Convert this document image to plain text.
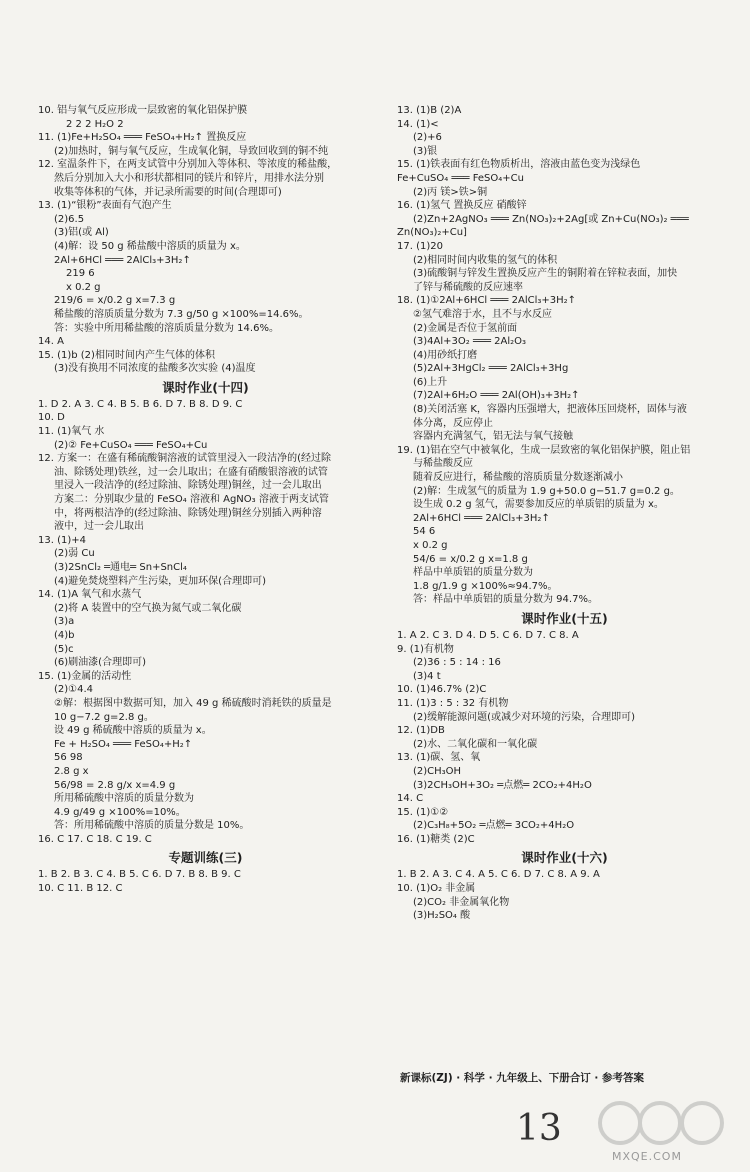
10. 铝与氧气反应形成一层致密的氧化铝保护膜
2 2 2 H₂O 2
11. (1)Fe+H₂SO₄ ═══ FeSO₄+H₂↑ 置换反应
(2)加热时，铜与氧气反应，生成氧化铜，导致回收到的铜不纯
12. 室温条件下，在两支试管中分别加入等体积、等浓度的稀盐酸，
然后分别加入大小和形状都相同的镁片和锌片，用排水法分别
收集等体积的气体，并记录所需要的时间(合理即可)
13. (1)“银粉”表面有气泡产生
(2)6.5
(3)铝(或 Al)
(4)解：设 50 g 稀盐酸中溶质的质量为 x。
2Al+6HCl ═══ 2AlCl₃+3H₂↑
219 6
x 0.2 g
219/6 = x/0.2 g x=7.3 g
稀盐酸的溶质质量分数为 7.3 g/50 g ×100%=14.6%。
答：实验中所用稀盐酸的溶质质量分数为 14.6%。
14. A
15. (1)b (2)相同时间内产生气体的体积
(3)没有换用不同浓度的盐酸多次实验 (4)温度
课时作业(十四)
1. D 2. A 3. C 4. B 5. B 6. D 7. B 8. D 9. C
10. D
11. (1)氧气 水
(2)② Fe+CuSO₄ ═══ FeSO₄+Cu
12. 方案一：在盛有稀硫酸铜溶液的试管里浸入一段洁净的(经过除
油、除锈处理)铁丝，过一会儿取出；在盛有硝酸银溶液的试管
里浸入一段洁净的(经过除油、除锈处理)铜丝，过一会儿取出
方案二：分别取少量的 FeSO₄ 溶液和 AgNO₃ 溶液于两支试管
中，将两根洁净的(经过除油、除锈处理)铜丝分别插入两种溶
液中，过一会儿取出
13. (1)+4
(2)弱 Cu
(3)2SnCl₂ ═通电═ Sn+SnCl₄
(4)避免焚烧塑料产生污染，更加环保(合理即可)
14. (1)A 氧气和水蒸气
(2)将 A 装置中的空气换为氮气或二氧化碳
(3)a
(4)b
(5)c
(6)刷油漆(合理即可)
15. (1)金属的活动性
(2)①4.4
②解：根据图中数据可知，加入 49 g 稀硫酸时消耗铁的质量是
10 g−7.2 g=2.8 g。
设 49 g 稀硫酸中溶质的质量为 x。
Fe + H₂SO₄ ═══ FeSO₄+H₂↑
56 98
2.8 g x
56/98 = 2.8 g/x x=4.9 g
所用稀硫酸中溶质的质量分数为
4.9 g/49 g ×100%=10%。
答：所用稀硫酸中溶质的质量分数是 10%。
16. C 17. C 18. C 19. C
专题训练(三)
1. B 2. B 3. C 4. B 5. C 6. D 7. B 8. B 9. C
10. C 11. B 12. C
13. (1)B (2)A
14. (1)<
(2)+6
(3)银
15. (1)铁表面有红色物质析出，溶液由蓝色变为浅绿色
Fe+CuSO₄ ═══ FeSO₄+Cu
(2)丙 镁>铁>铜
16. (1)氢气 置换反应 硝酸锌
(2)Zn+2AgNO₃ ═══ Zn(NO₃)₂+2Ag[或 Zn+Cu(NO₃)₂ ═══
Zn(NO₃)₂+Cu]
17. (1)20
(2)相同时间内收集的氢气的体积
(3)硫酸铜与锌发生置换反应产生的铜附着在锌粒表面，加快
了锌与稀硫酸的反应速率
18. (1)①2Al+6HCl ═══ 2AlCl₃+3H₂↑
②氢气难溶于水，且不与水反应
(2)金属是否位于氢前面
(3)4Al+3O₂ ═══ 2Al₂O₃
(4)用砂纸打磨
(5)2Al+3HgCl₂ ═══ 2AlCl₃+3Hg
(6)上升
(7)2Al+6H₂O ═══ 2Al(OH)₃+3H₂↑
(8)关闭活塞 K，容器内压强增大，把液体压回烧杯，固体与液
体分离，反应停止
容器内充满氢气，铝无法与氧气接触
19. (1)铝在空气中被氧化，生成一层致密的氧化铝保护膜，阻止铝
与稀盐酸反应
随着反应进行，稀盐酸的溶质质量分数逐渐减小
(2)解：生成氢气的质量为 1.9 g+50.0 g−51.7 g=0.2 g。
设生成 0.2 g 氢气，需要参加反应的单质铝的质量为 x。
2Al+6HCl ═══ 2AlCl₃+3H₂↑
54 6
x 0.2 g
54/6 = x/0.2 g x=1.8 g
样品中单质铝的质量分数为
1.8 g/1.9 g ×100%≈94.7%。
答：样品中单质铝的质量分数为 94.7%。
课时作业(十五)
1. A 2. C 3. D 4. D 5. C 6. D 7. C 8. A
9. (1)有机物
(2)36 : 5 : 14 : 16
(3)4 t
10. (1)46.7% (2)C
11. (1)3 : 5 : 32 有机物
(2)缓解能源问题(或减少对环境的污染，合理即可)
12. (1)DB
(2)水、二氧化碳和一氧化碳
13. (1)碳、氢、氧
(2)CH₃OH
(3)2CH₃OH+3O₂ ═点燃═ 2CO₂+4H₂O
14. C
15. (1)①②
(2)C₃H₈+5O₂ ═点燃═ 3CO₂+4H₂O
16. (1)糖类 (2)C
课时作业(十六)
1. B 2. A 3. C 4. A 5. C 6. D 7. C 8. A 9. A
10. (1)O₂ 非金属
(2)CO₂ 非金属氧化物
(3)H₂SO₄ 酸
新课标(ZJ) · 科学 · 九年级上、下册合订 · 参考答案
13
MXQE.COM
